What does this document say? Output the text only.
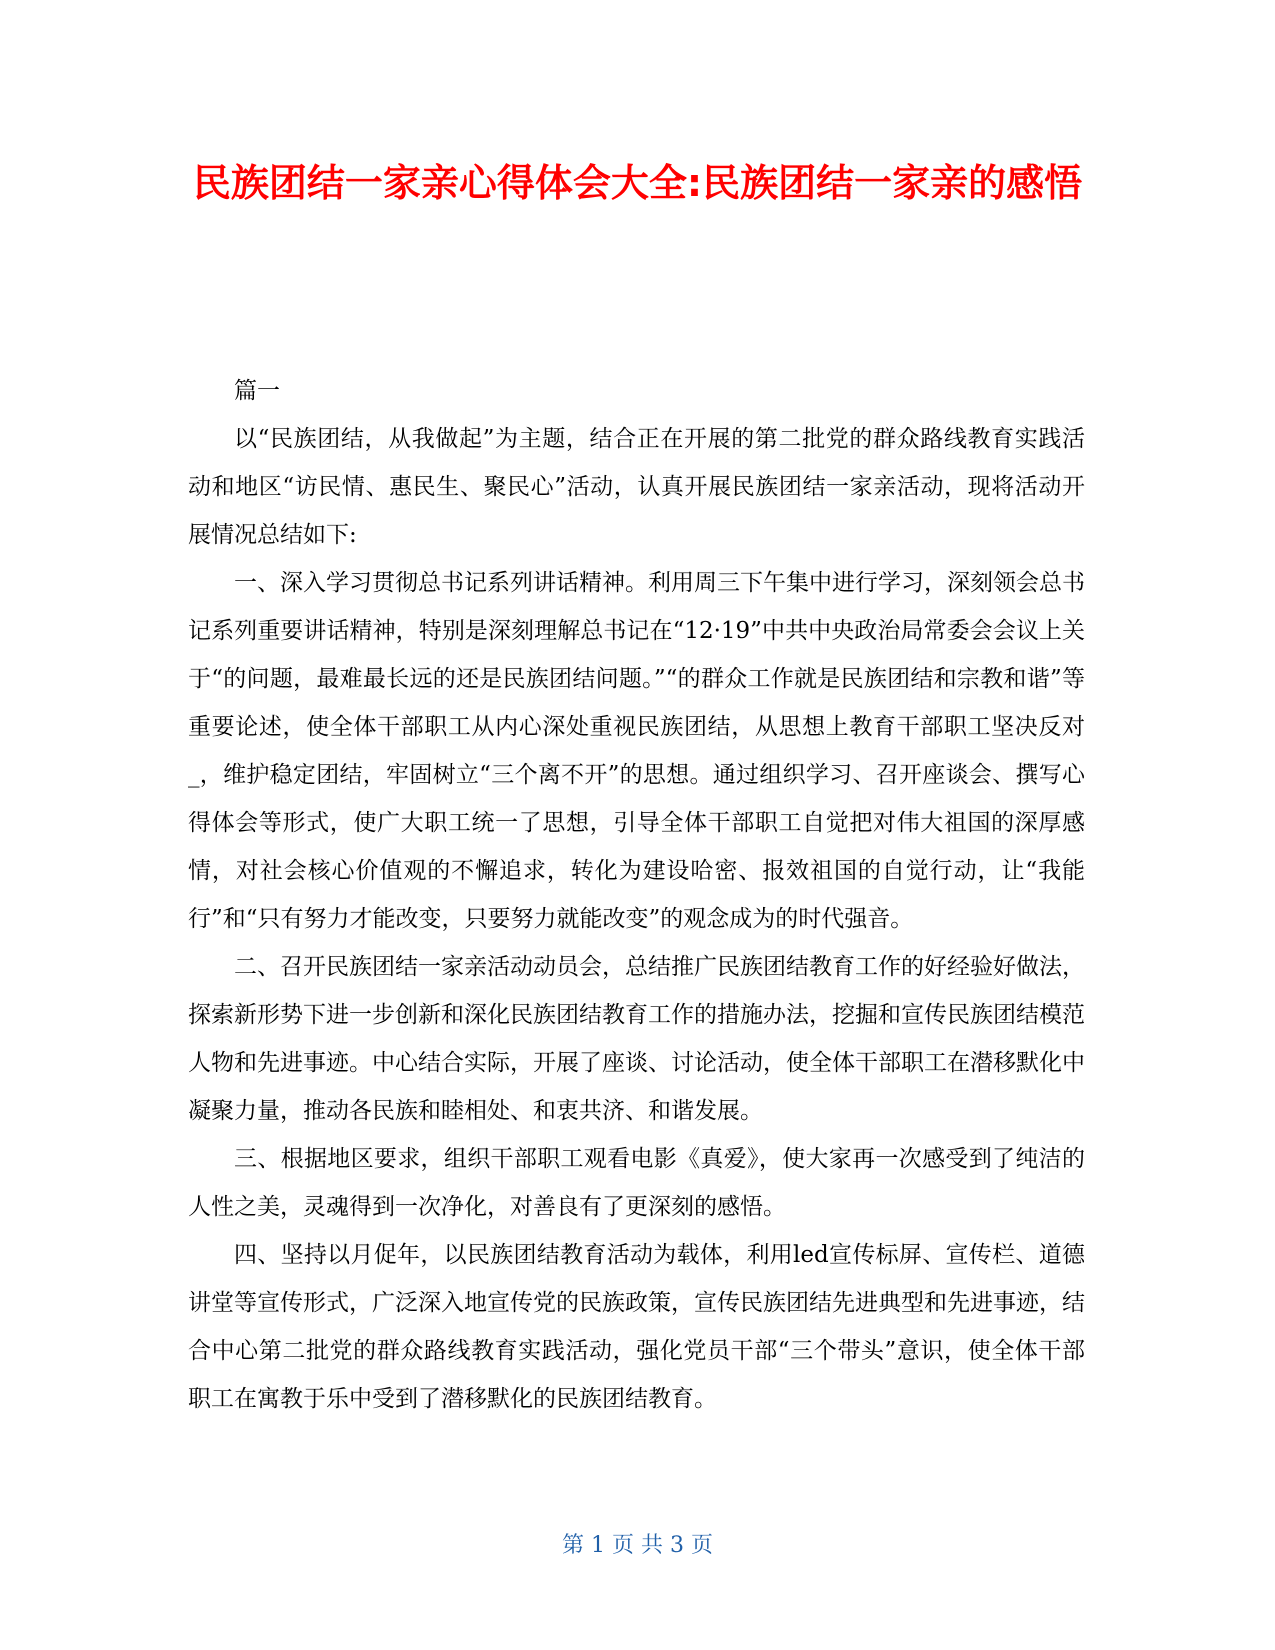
民族团结一家亲心得体会大全:民族团结一家亲的感悟

篇一

以“民族团结，从我做起”为主题，结合正在开展的第二批党的群众路线教育实践活动和地区“访民情、惠民生、聚民心”活动，认真开展民族团结一家亲活动，现将活动开展情况总结如下:

一、深入学习贯彻总书记系列讲话精神。利用周三下午集中进行学习，深刻领会总书记系列重要讲话精神，特别是深刻理解总书记在“12·19”中共中央政治局常委会会议上关于“的问题，最难最长远的还是民族团结问题。”“的群众工作就是民族团结和宗教和谐”等重要论述，使全体干部职工从内心深处重视民族团结，从思想上教育干部职工坚决反对_，维护稳定团结，牢固树立“三个离不开”的思想。通过组织学习、召开座谈会、撰写心得体会等形式，使广大职工统一了思想，引导全体干部职工自觉把对伟大祖国的深厚感情，对社会核心价值观的不懈追求，转化为建设哈密、报效祖国的自觉行动，让“我能行”和“只有努力才能改变，只要努力就能改变”的观念成为的时代强音。

二、召开民族团结一家亲活动动员会，总结推广民族团结教育工作的好经验好做法，探索新形势下进一步创新和深化民族团结教育工作的措施办法，挖掘和宣传民族团结模范人物和先进事迹。中心结合实际，开展了座谈、讨论活动，使全体干部职工在潜移默化中凝聚力量，推动各民族和睦相处、和衷共济、和谐发展。

三、根据地区要求，组织干部职工观看电影《真爱》，使大家再一次感受到了纯洁的人性之美，灵魂得到一次净化，对善良有了更深刻的感悟。

四、坚持以月促年，以民族团结教育活动为载体，利用led宣传标屏、宣传栏、道德讲堂等宣传形式，广泛深入地宣传党的民族政策，宣传民族团结先进典型和先进事迹，结合中心第二批党的群众路线教育实践活动，强化党员干部“三个带头”意识，使全体干部职工在寓教于乐中受到了潜移默化的民族团结教育。

第 1 页 共 3 页
